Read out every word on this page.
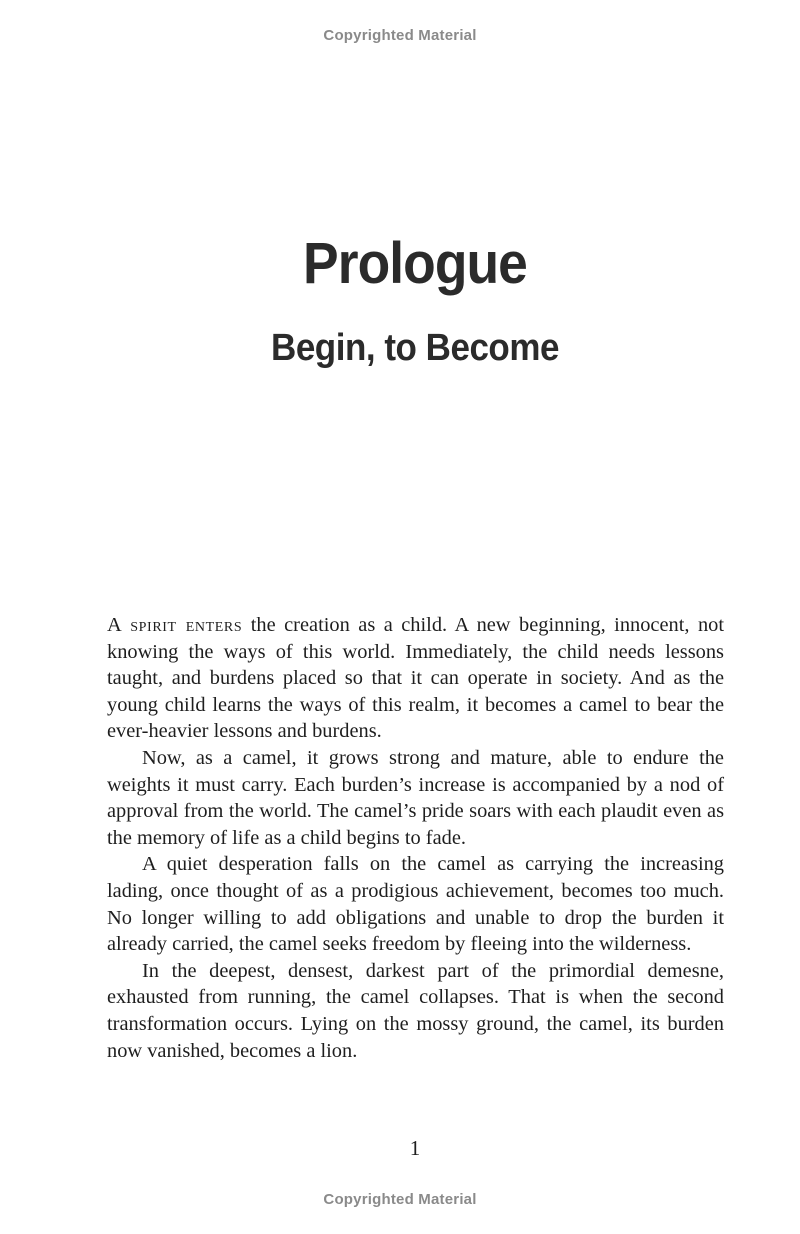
Copyrighted Material
Prologue
Begin, to Become

A spirit enters the creation as a child. A new beginning, innocent, not knowing the ways of this world. Immediately, the child needs lessons taught, and burdens placed so that it can operate in society. And as the young child learns the ways of this realm, it becomes a camel to bear the ever-heavier lessons and burdens.

Now, as a camel, it grows strong and mature, able to endure the weights it must carry. Each burden’s increase is accompanied by a nod of approval from the world. The camel’s pride soars with each plaudit even as the memory of life as a child begins to fade.

A quiet desperation falls on the camel as carrying the increasing lading, once thought of as a prodigious achievement, becomes too much. No longer willing to add obligations and unable to drop the burden it already carried, the camel seeks freedom by fleeing into the wilderness.

In the deepest, densest, darkest part of the primordial demesne, exhausted from running, the camel collapses. That is when the second transformation occurs. Lying on the mossy ground, the camel, its burden now vanished, becomes a lion.

1
Copyrighted Material
